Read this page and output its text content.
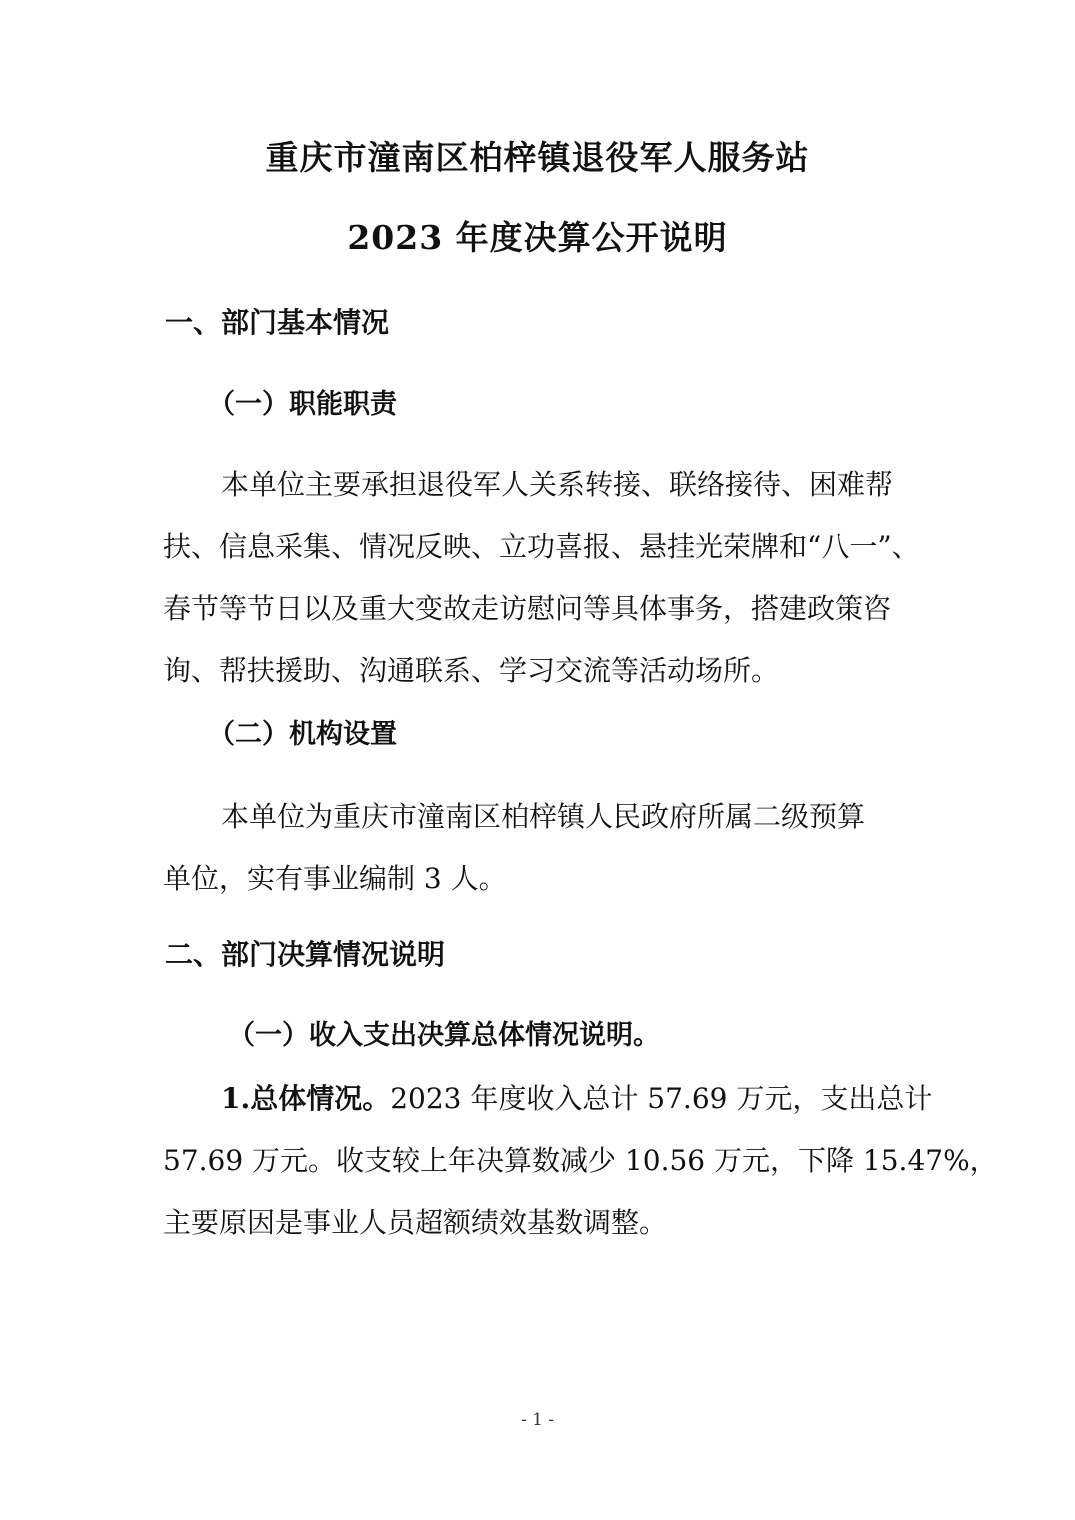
重庆市潼南区柏梓镇退役军人服务站
2023 年度决算公开说明
一、部门基本情况
（一）职能职责

本单位主要承担退役军人关系转接、联络接待、困难帮

扶、信息采集、情况反映、立功喜报、悬挂光荣牌和“八一”、

春节等节日以及重大变故走访慰问等具体事务，搭建政策咨

询、帮扶援助、沟通联系、学习交流等活动场所。

（二）机构设置

本单位为重庆市潼南区柏梓镇人民政府所属二级预算

单位，实有事业编制 3 人。

二、部门决算情况说明
（一）收入支出决算总体情况说明。

1.总体情况。2023 年度收入总计 57.69 万元，支出总计

57.69 万元。收支较上年决算数减少 10.56 万元，下降 15.47%，

主要原因是事业人员超额绩效基数调整。

- 1 -
